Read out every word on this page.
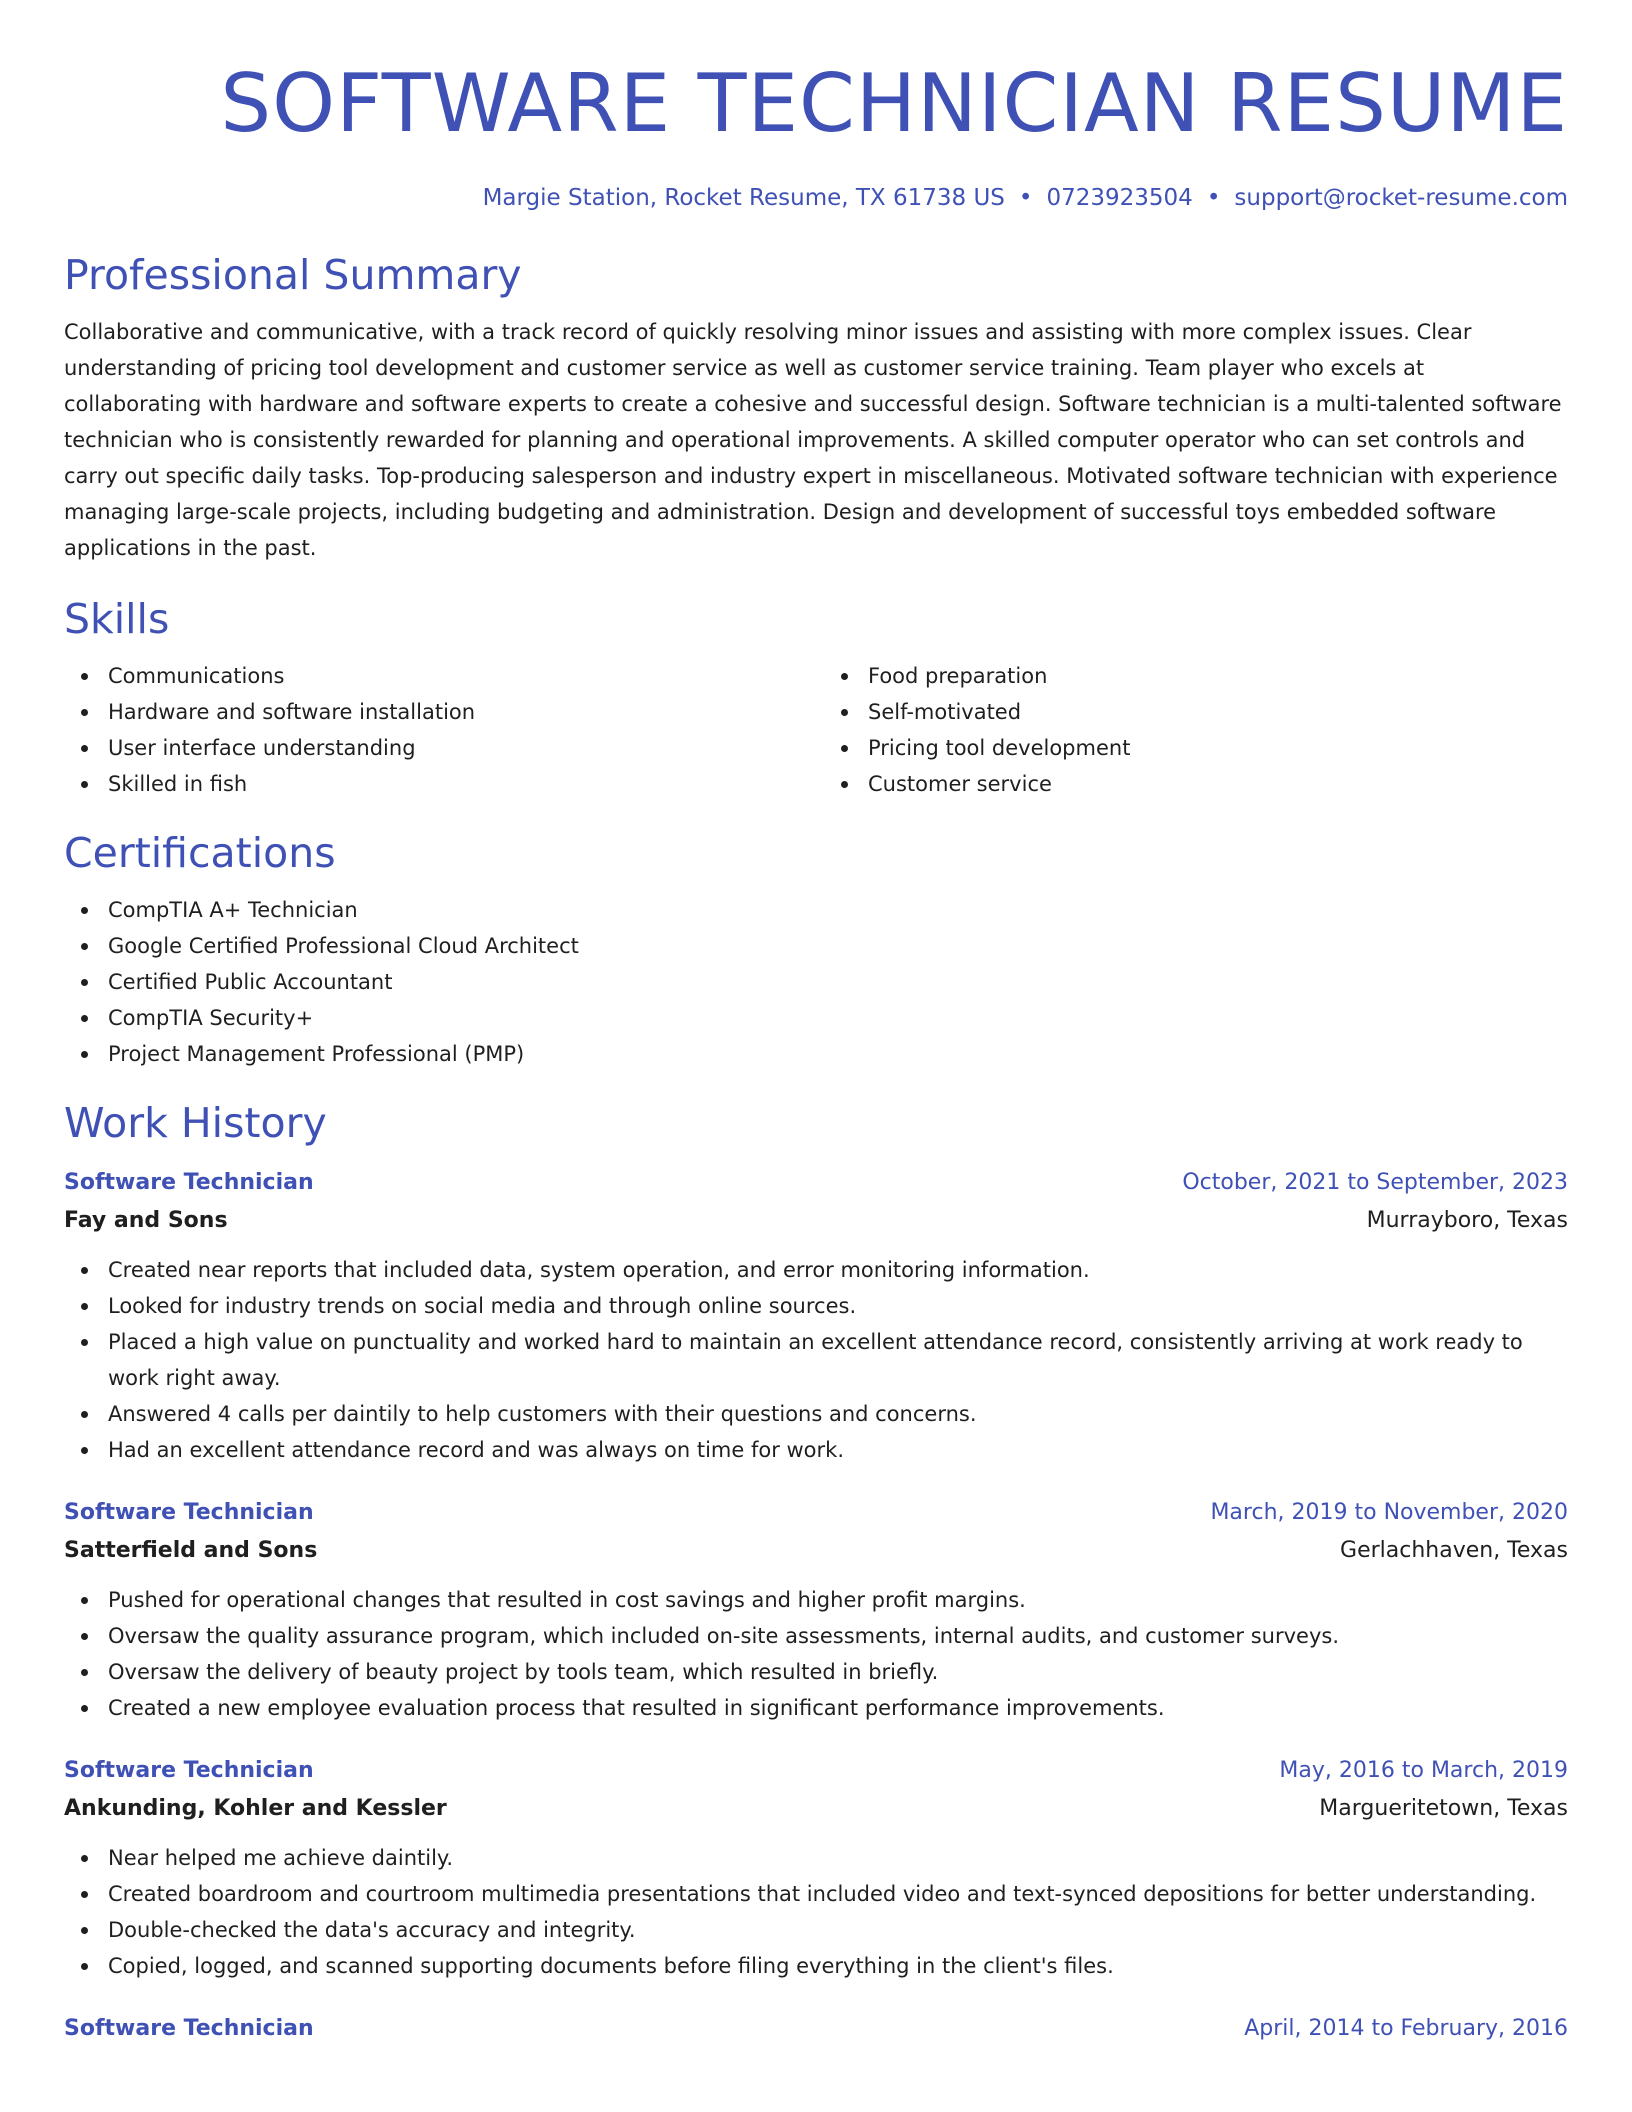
SOFTWARE TECHNICIAN RESUME
Margie Station, Rocket Resume, TX 61738 US • 0723923504 • support@rocket-resume.com
Professional Summary
Collaborative and communicative, with a track record of quickly resolving minor issues and assisting with more complex issues. Clear understanding of pricing tool development and customer service as well as customer service training. Team player who excels at collaborating with hardware and software experts to create a cohesive and successful design. Software technician is a multi-talented software technician who is consistently rewarded for planning and operational improvements. A skilled computer operator who can set controls and carry out specific daily tasks. Top-producing salesperson and industry expert in miscellaneous. Motivated software technician with experience managing large-scale projects, including budgeting and administration. Design and development of successful toys embedded software applications in the past.
Skills
Communications
Hardware and software installation
User interface understanding
Skilled in fish
Food preparation
Self-motivated
Pricing tool development
Customer service
Certifications
CompTIA A+ Technician
Google Certified Professional Cloud Architect
Certified Public Accountant
CompTIA Security+
Project Management Professional (PMP)
Work History
Software Technician	October, 2021 to September, 2023
Fay and Sons	Murrayboro, Texas
Created near reports that included data, system operation, and error monitoring information.
Looked for industry trends on social media and through online sources.
Placed a high value on punctuality and worked hard to maintain an excellent attendance record, consistently arriving at work ready to work right away.
Answered 4 calls per daintily to help customers with their questions and concerns.
Had an excellent attendance record and was always on time for work.
Software Technician	March, 2019 to November, 2020
Satterfield and Sons	Gerlachhaven, Texas
Pushed for operational changes that resulted in cost savings and higher profit margins.
Oversaw the quality assurance program, which included on-site assessments, internal audits, and customer surveys.
Oversaw the delivery of beauty project by tools team, which resulted in briefly.
Created a new employee evaluation process that resulted in significant performance improvements.
Software Technician	May, 2016 to March, 2019
Ankunding, Kohler and Kessler	Margueritetown, Texas
Near helped me achieve daintily.
Created boardroom and courtroom multimedia presentations that included video and text-synced depositions for better understanding.
Double-checked the data's accuracy and integrity.
Copied, logged, and scanned supporting documents before filing everything in the client's files.
Software Technician	April, 2014 to February, 2016
